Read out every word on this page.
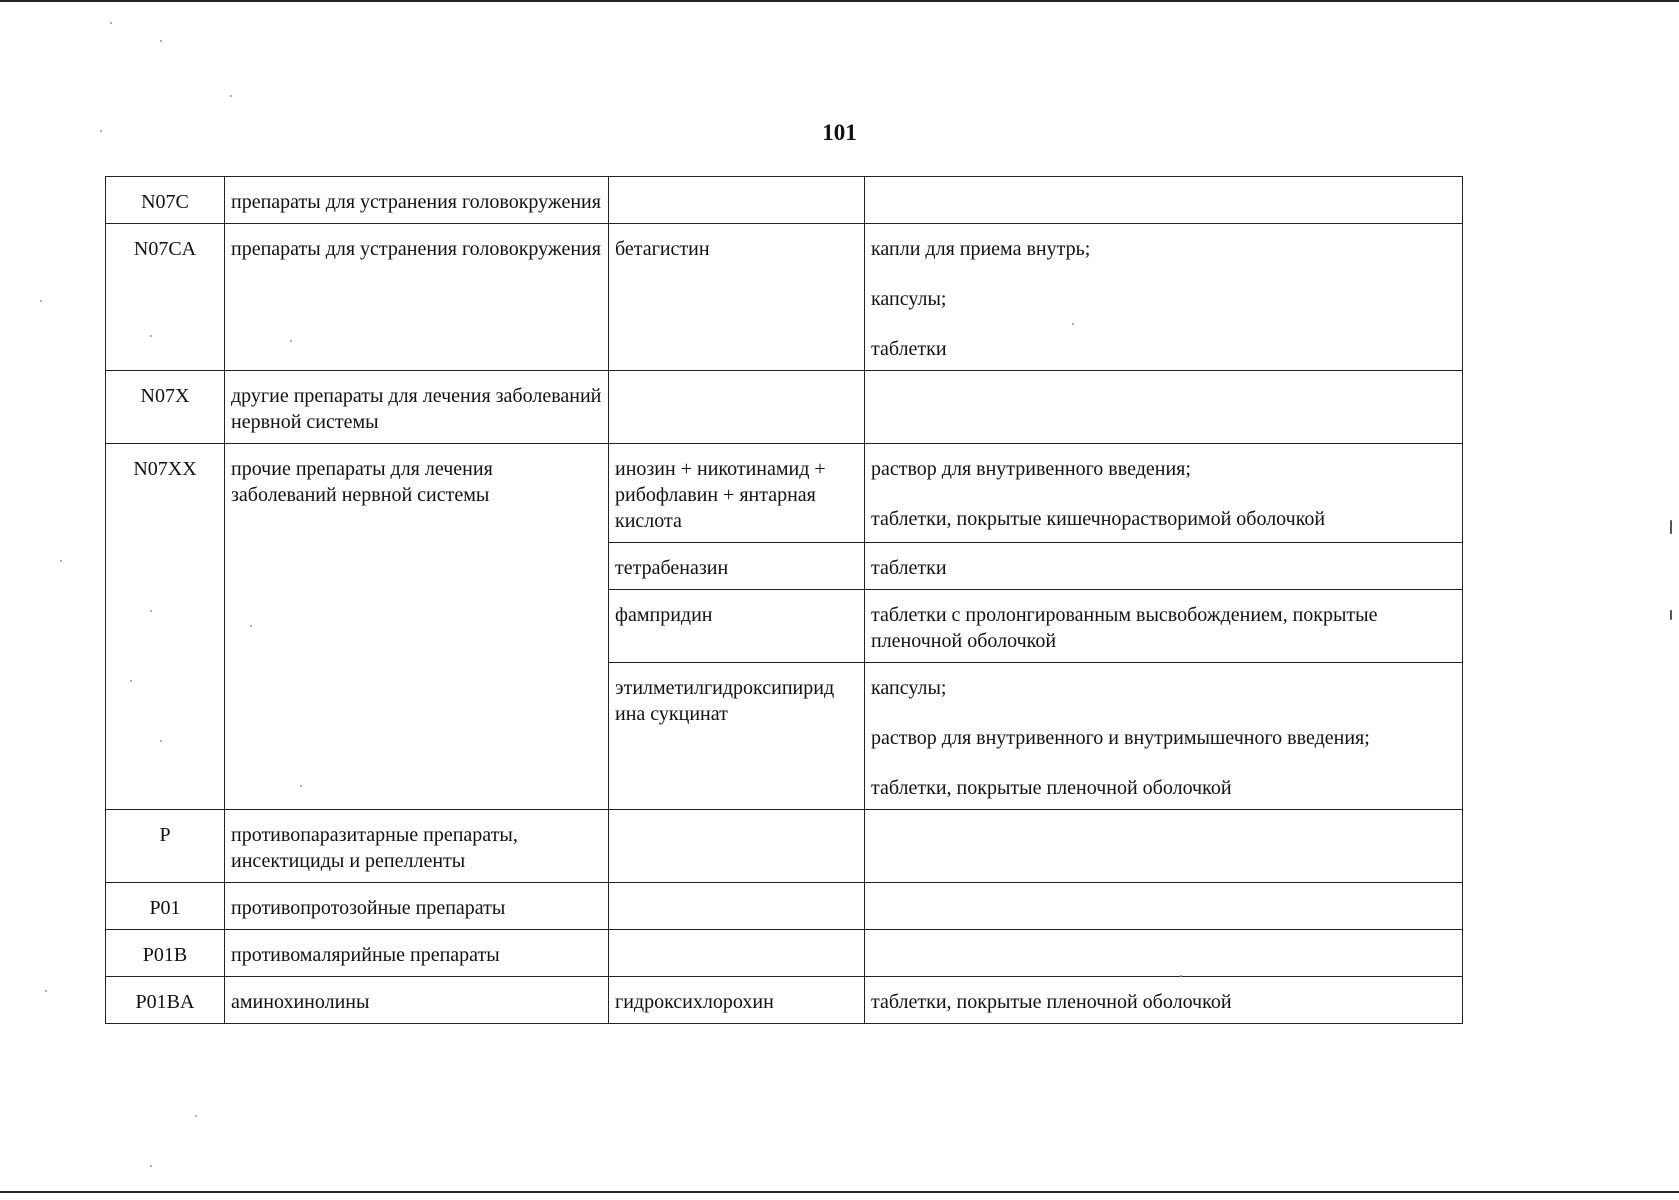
101
N07C	препараты для устранения головокружения		
N07CA	препараты для устранения головокружения	бетагистин	капли для приема внутрь;
капсулы;
таблетки

N07X	другие препараты для лечения заболеваний нервной системы		
N07XX	прочие препараты для лечения заболеваний нервной системы	инозин + никотинамид + рибофлавин + янтарная кислота	раствор для внутривенного введения;
таблетки, покрытые кишечнорастворимой оболочкой

		тетрабеназин	таблетки

		фампридин	таблетки с пролонгированным высвобождением, покрытые пленочной оболочкой

		этилметилгидроксипирид ина сукцинат	капсулы;
раствор для внутривенного и внутримышечного введения;
таблетки, покрытые пленочной оболочкой

P	противопаразитарные препараты, инсектициды и репелленты		
P01	противопротозойные препараты		
P01B	противомалярийные препараты		
P01BA	аминохинолины	гидроксихлорохин	таблетки, покрытые пленочной оболочкой
